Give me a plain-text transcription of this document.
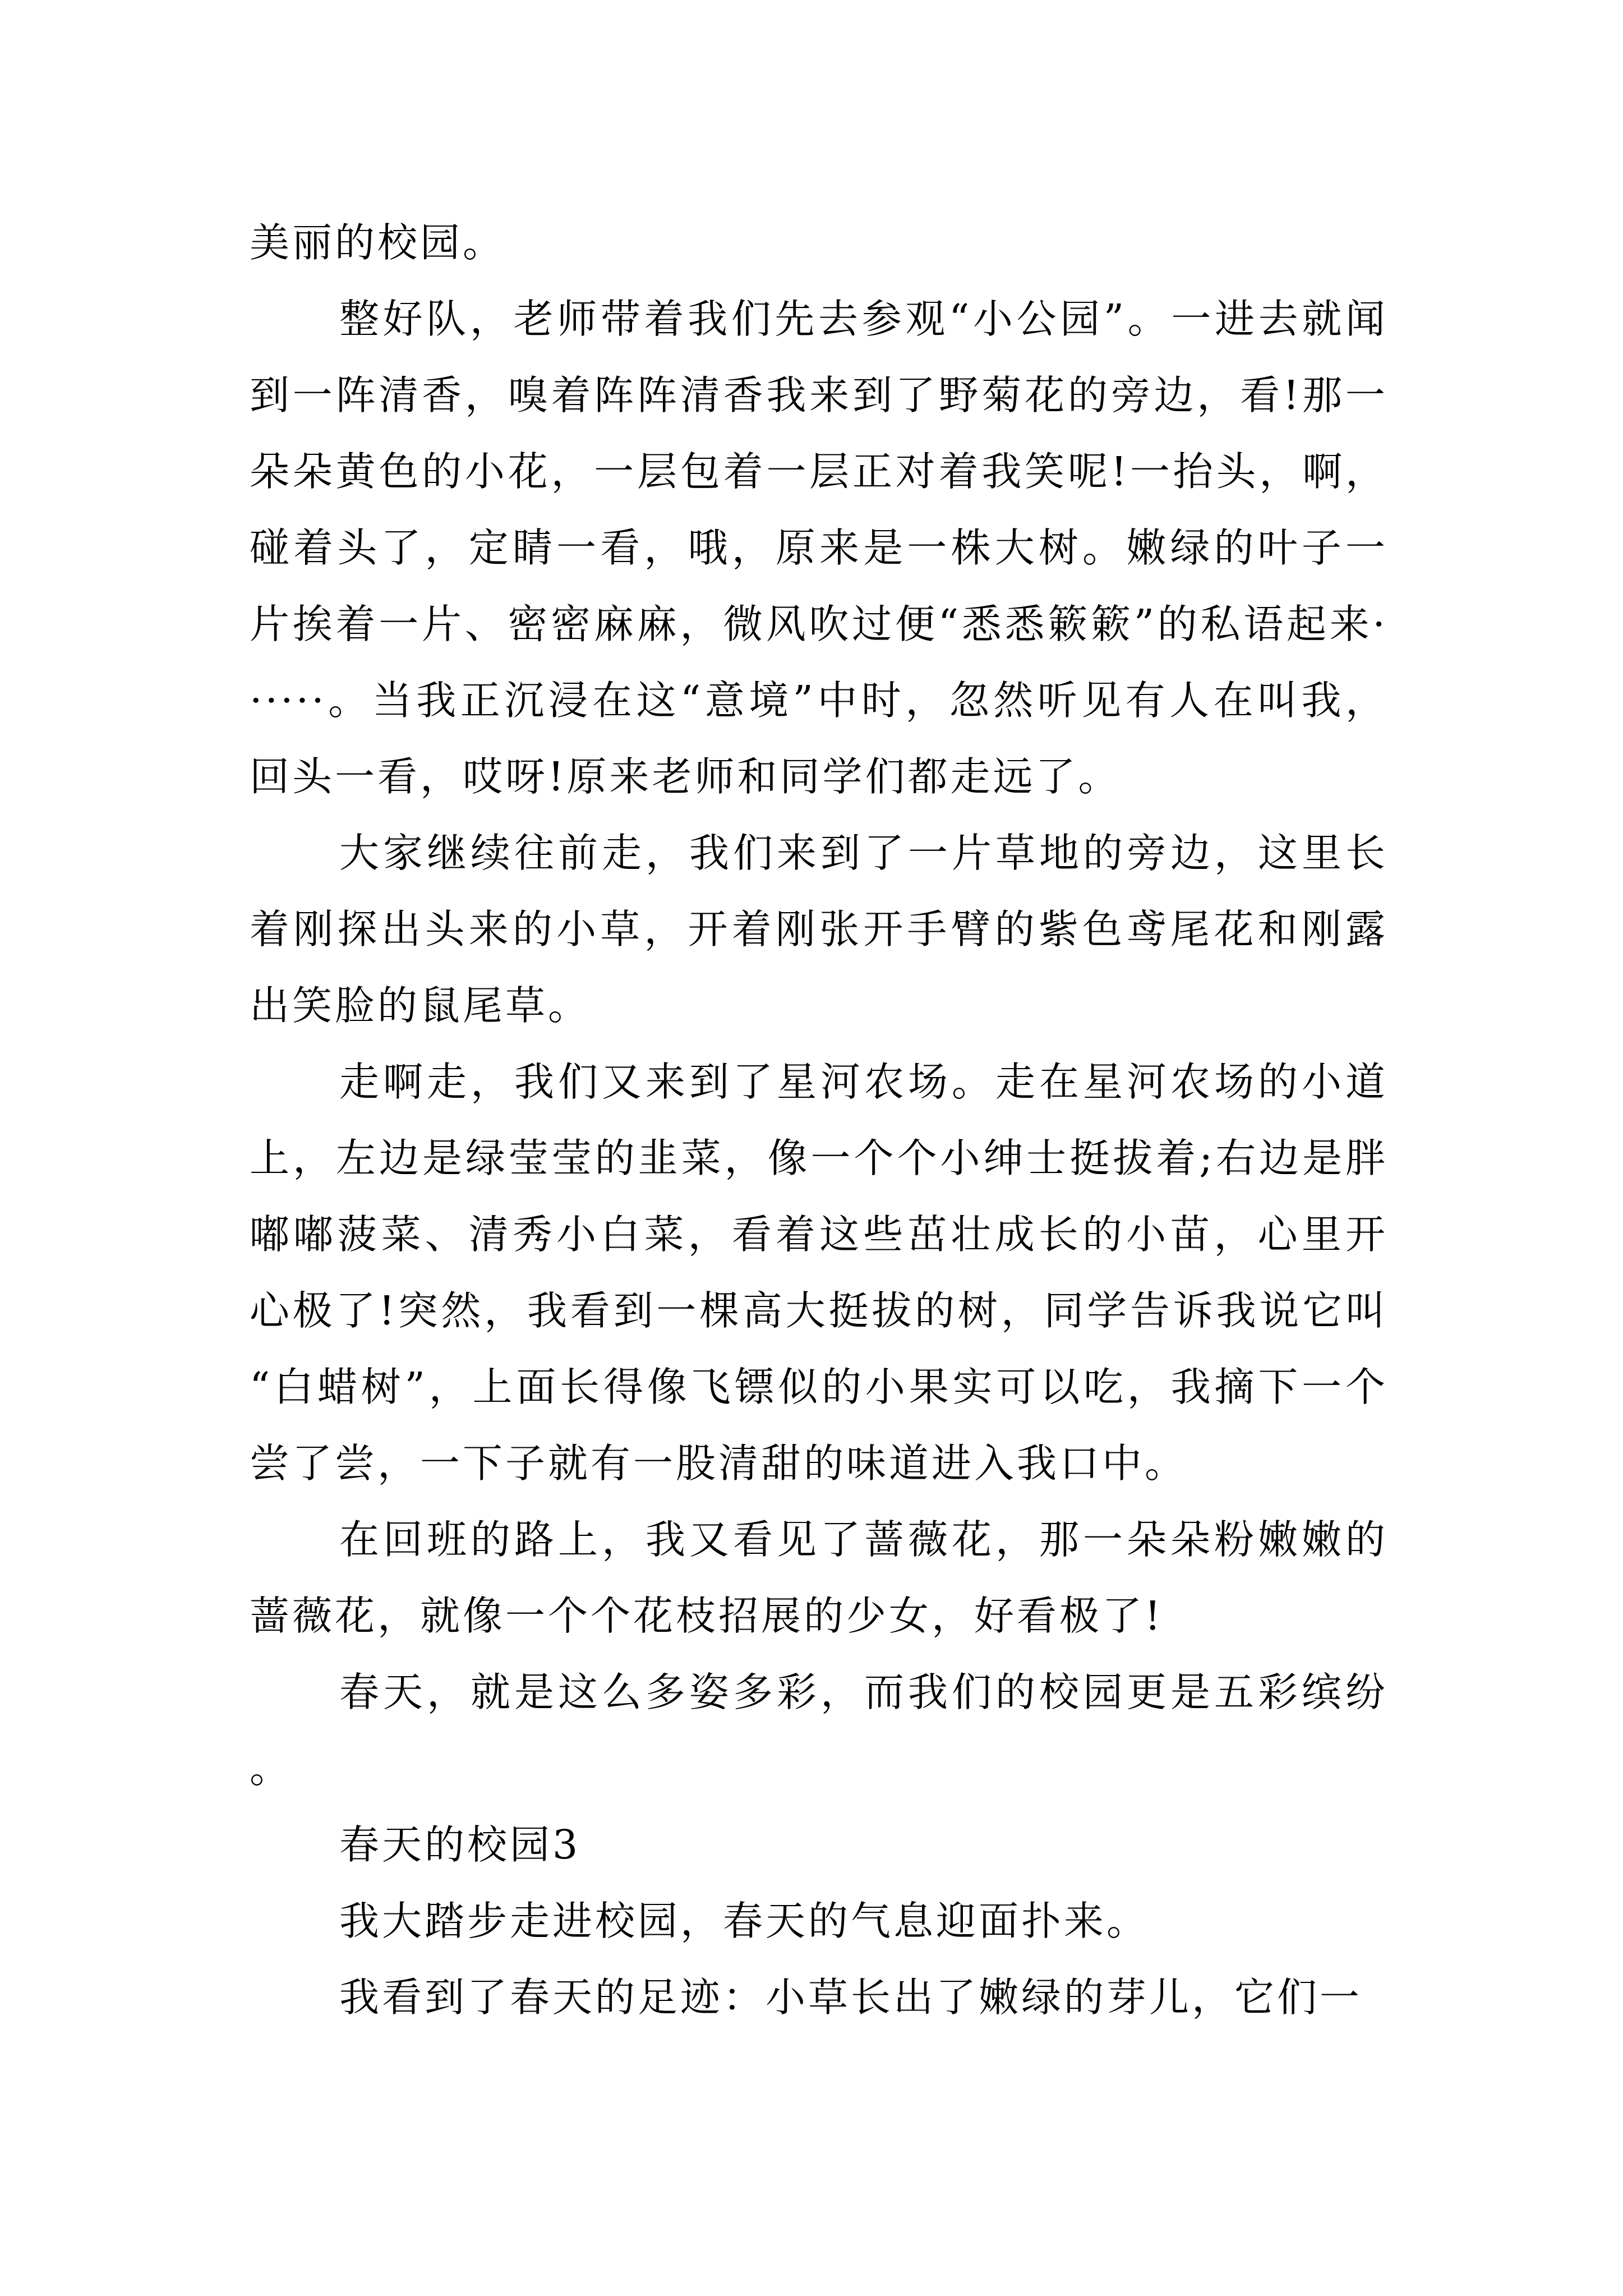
美丽的校园。

整好队，老师带着我们先去参观“小公园”。一进去就闻到一阵清香，嗅着阵阵清香我来到了野菊花的旁边，看!那一朵朵黄色的小花，一层包着一层正对着我笑呢!一抬头，啊，碰着头了，定睛一看，哦，原来是一株大树。嫩绿的叶子一片挨着一片、密密麻麻，微风吹过便“悉悉簌簌”的私语起来······。当我正沉浸在这“意境”中时，忽然听见有人在叫我，回头一看，哎呀!原来老师和同学们都走远了。

大家继续往前走，我们来到了一片草地的旁边，这里长着刚探出头来的小草，开着刚张开手臂的紫色鸢尾花和刚露出笑脸的鼠尾草。

走啊走，我们又来到了星河农场。走在星河农场的小道上，左边是绿莹莹的韭菜，像一个个小绅士挺拔着;右边是胖嘟嘟菠菜、清秀小白菜，看着这些茁壮成长的小苗，心里开心极了!突然，我看到一棵高大挺拔的树，同学告诉我说它叫“白蜡树”，上面长得像飞镖似的小果实可以吃，我摘下一个尝了尝，一下子就有一股清甜的味道进入我口中。

在回班的路上，我又看见了蔷薇花，那一朵朵粉嫩嫩的蔷薇花，就像一个个花枝招展的少女，好看极了!

春天，就是这么多姿多彩，而我们的校园更是五彩缤纷。

春天的校园3

我大踏步走进校园，春天的气息迎面扑来。

我看到了春天的足迹：小草长出了嫩绿的芽儿，它们一
